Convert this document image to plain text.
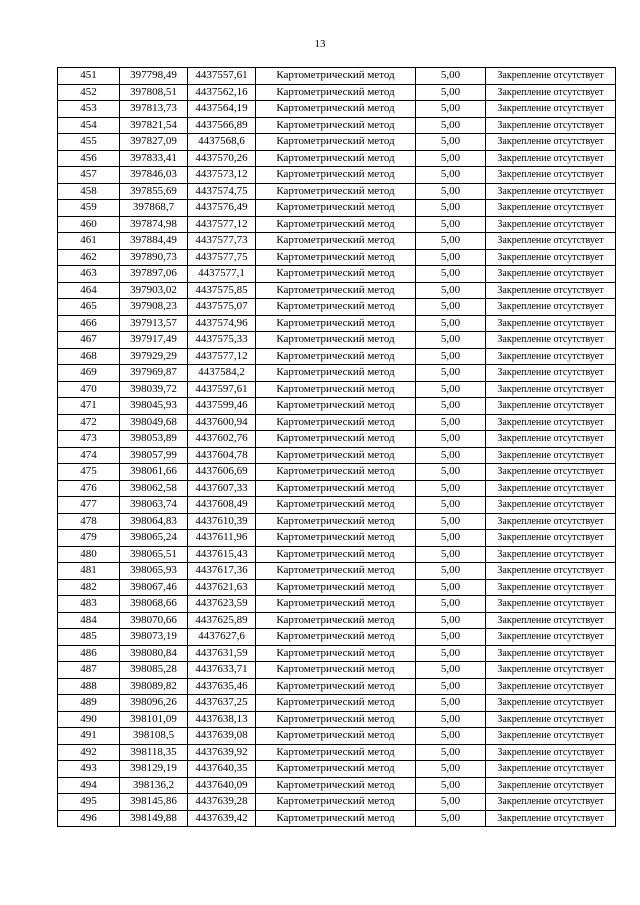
13
451	397798,49	4437557,61	Картометрический метод	5,00	Закрепление отсутствует
452	397808,51	4437562,16	Картометрический метод	5,00	Закрепление отсутствует
453	397813,73	4437564,19	Картометрический метод	5,00	Закрепление отсутствует
454	397821,54	4437566,89	Картометрический метод	5,00	Закрепление отсутствует
455	397827,09	4437568,6	Картометрический метод	5,00	Закрепление отсутствует
456	397833,41	4437570,26	Картометрический метод	5,00	Закрепление отсутствует
457	397846,03	4437573,12	Картометрический метод	5,00	Закрепление отсутствует
458	397855,69	4437574,75	Картометрический метод	5,00	Закрепление отсутствует
459	397868,7	4437576,49	Картометрический метод	5,00	Закрепление отсутствует
460	397874,98	4437577,12	Картометрический метод	5,00	Закрепление отсутствует
461	397884,49	4437577,73	Картометрический метод	5,00	Закрепление отсутствует
462	397890,73	4437577,75	Картометрический метод	5,00	Закрепление отсутствует
463	397897,06	4437577,1	Картометрический метод	5,00	Закрепление отсутствует
464	397903,02	4437575,85	Картометрический метод	5,00	Закрепление отсутствует
465	397908,23	4437575,07	Картометрический метод	5,00	Закрепление отсутствует
466	397913,57	4437574,96	Картометрический метод	5,00	Закрепление отсутствует
467	397917,49	4437575,33	Картометрический метод	5,00	Закрепление отсутствует
468	397929,29	4437577,12	Картометрический метод	5,00	Закрепление отсутствует
469	397969,87	4437584,2	Картометрический метод	5,00	Закрепление отсутствует
470	398039,72	4437597,61	Картометрический метод	5,00	Закрепление отсутствует
471	398045,93	4437599,46	Картометрический метод	5,00	Закрепление отсутствует
472	398049,68	4437600,94	Картометрический метод	5,00	Закрепление отсутствует
473	398053,89	4437602,76	Картометрический метод	5,00	Закрепление отсутствует
474	398057,99	4437604,78	Картометрический метод	5,00	Закрепление отсутствует
475	398061,66	4437606,69	Картометрический метод	5,00	Закрепление отсутствует
476	398062,58	4437607,33	Картометрический метод	5,00	Закрепление отсутствует
477	398063,74	4437608,49	Картометрический метод	5,00	Закрепление отсутствует
478	398064,83	4437610,39	Картометрический метод	5,00	Закрепление отсутствует
479	398065,24	4437611,96	Картометрический метод	5,00	Закрепление отсутствует
480	398065,51	4437615,43	Картометрический метод	5,00	Закрепление отсутствует
481	398065,93	4437617,36	Картометрический метод	5,00	Закрепление отсутствует
482	398067,46	4437621,63	Картометрический метод	5,00	Закрепление отсутствует
483	398068,66	4437623,59	Картометрический метод	5,00	Закрепление отсутствует
484	398070,66	4437625,89	Картометрический метод	5,00	Закрепление отсутствует
485	398073,19	4437627,6	Картометрический метод	5,00	Закрепление отсутствует
486	398080,84	4437631,59	Картометрический метод	5,00	Закрепление отсутствует
487	398085,28	4437633,71	Картометрический метод	5,00	Закрепление отсутствует
488	398089,82	4437635,46	Картометрический метод	5,00	Закрепление отсутствует
489	398096,26	4437637,25	Картометрический метод	5,00	Закрепление отсутствует
490	398101,09	4437638,13	Картометрический метод	5,00	Закрепление отсутствует
491	398108,5	4437639,08	Картометрический метод	5,00	Закрепление отсутствует
492	398118,35	4437639,92	Картометрический метод	5,00	Закрепление отсутствует
493	398129,19	4437640,35	Картометрический метод	5,00	Закрепление отсутствует
494	398136,2	4437640,09	Картометрический метод	5,00	Закрепление отсутствует
495	398145,86	4437639,28	Картометрический метод	5,00	Закрепление отсутствует
496	398149,88	4437639,42	Картометрический метод	5,00	Закрепление отсутствует
